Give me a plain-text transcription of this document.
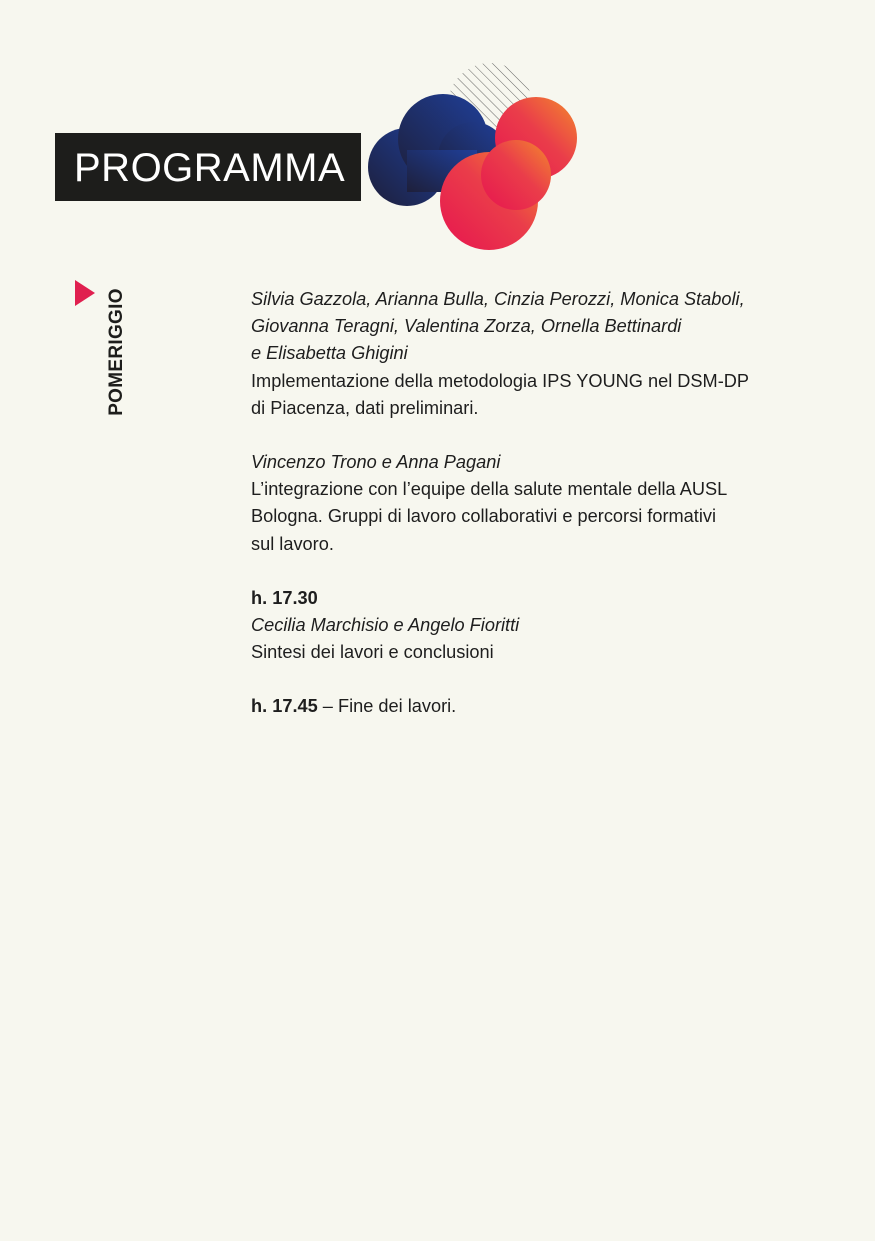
PROGRAMMA
POMERIGGIO	Silvia Gazzola, Arianna Bulla, Cinzia Perozzi, Monica Staboli,

Giovanna Teragni, Valentina Zorza, Ornella Bettinardi

e Elisabetta Ghigini

Implementazione della metodologia IPS YOUNG nel DSM-DP

di Piacenza, dati preliminari.

Vincenzo Trono e Anna Pagani

L’integrazione con l’equipe della salute mentale della AUSL

Bologna. Gruppi di lavoro collaborativi e percorsi formativi

sul lavoro.

h. 17.30

Cecilia Marchisio e Angelo Fioritti

Sintesi dei lavori e conclusioni

h. 17.45 – Fine dei lavori.
